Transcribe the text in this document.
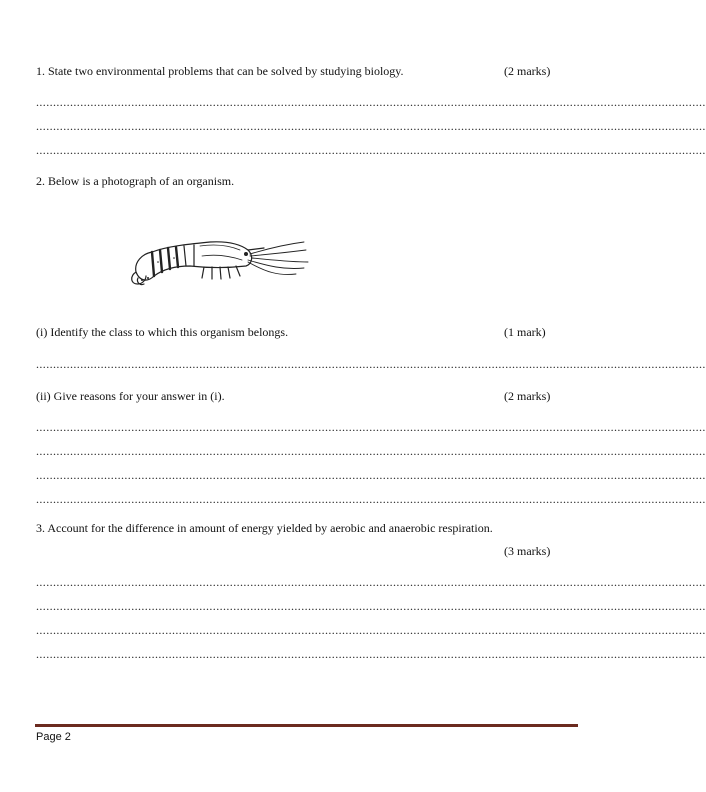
1. State two environmental problems that can be solved by studying biology.	(2 marks)
.....................................................................................................................................................................................................
.....................................................................................................................................................................................................
.....................................................................................................................................................................................................
2. Below is a photograph of an organism.
(i) Identify the class to which this organism belongs.	(1 mark)
.....................................................................................................................................................................................................
(ii) Give reasons for your answer in (i).	(2 marks)
.....................................................................................................................................................................................................
.....................................................................................................................................................................................................
.....................................................................................................................................................................................................
.....................................................................................................................................................................................................
3. Account for the difference in amount of energy yielded by aerobic and anaerobic respiration.
(3 marks)
.....................................................................................................................................................................................................
.....................................................................................................................................................................................................
.....................................................................................................................................................................................................
.....................................................................................................................................................................................................
Page 2
